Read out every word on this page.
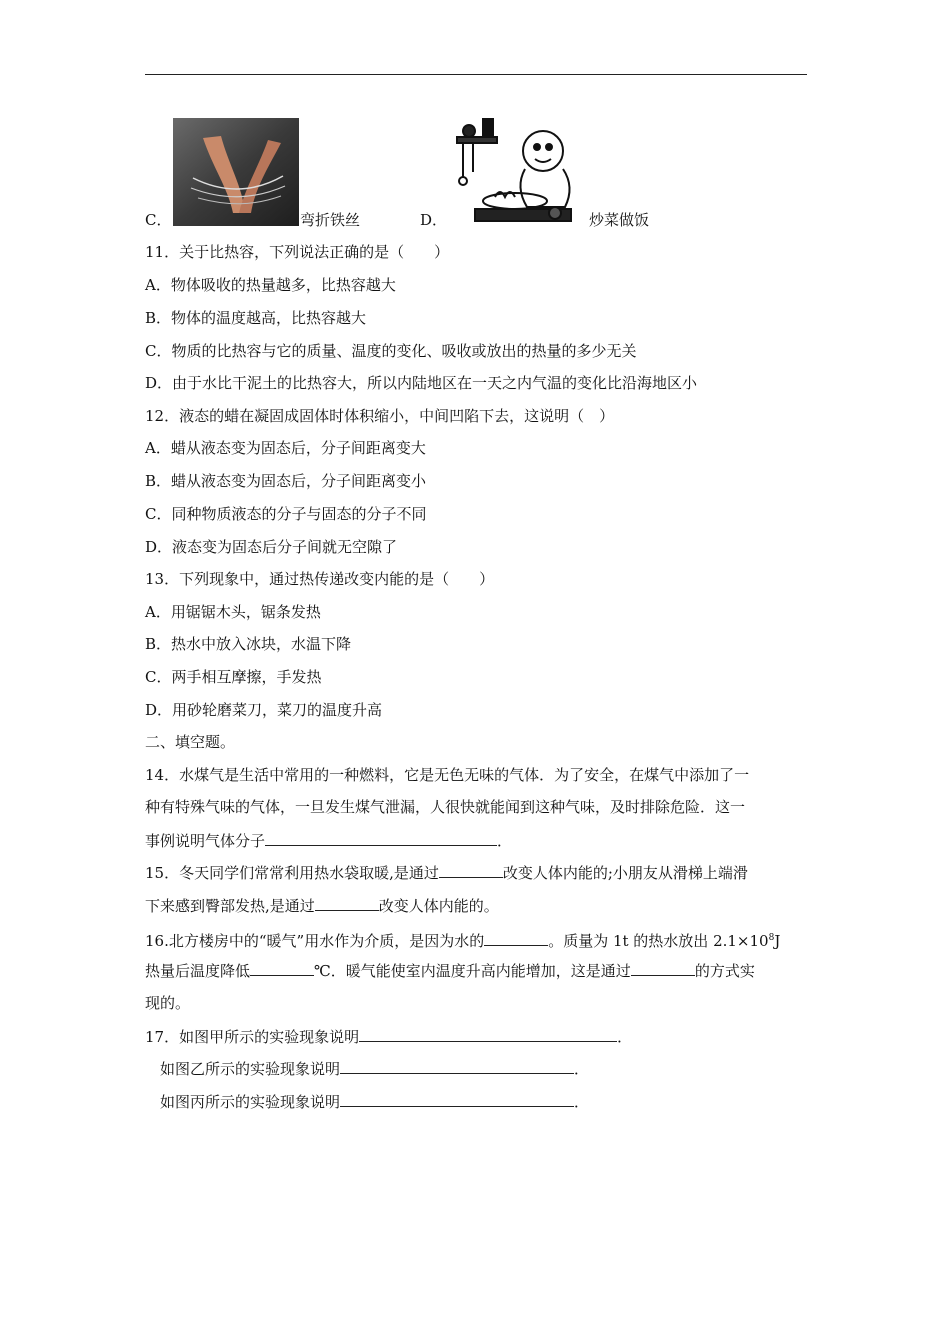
C．	弯折铁丝	D．	炒菜做饭
11．关于比热容，下列说法正确的是（　　）
A．物体吸收的热量越多，比热容越大
B．物体的温度越高，比热容越大
C．物质的比热容与它的质量、温度的变化、吸收或放出的热量的多少无关
D．由于水比干泥土的比热容大，所以内陆地区在一天之内气温的变化比沿海地区小
12．液态的蜡在凝固成固体时体积缩小，中间凹陷下去，这说明（　）
A．蜡从液态变为固态后，分子间距离变大
B．蜡从液态变为固态后，分子间距离变小
C．同种物质液态的分子与固态的分子不同
D．液态变为固态后分子间就无空隙了
13．下列现象中，通过热传递改变内能的是（　　）
A．用锯锯木头，锯条发热
B．热水中放入冰块，水温下降
C．两手相互摩擦，手发热
D．用砂轮磨菜刀，菜刀的温度升高
二、填空题。
14．水煤气是生活中常用的一种燃料，它是无色无味的气体．为了安全，在煤气中添加了一
种有特殊气味的气体，一旦发生煤气泄漏，人很快就能闻到这种气味，及时排除危险．这一
事例说明气体分子	．
15．冬天同学们常常利用热水袋取暖,是通过	改变人体内能的;小朋友从滑梯上端滑
下来感到臀部发热,是通过	改变人体内能的。
16.北方楼房中的“暖气”用水作为介质，是因为水的	。质量为 1t 的热水放出 $2.1\times 10^8J$
热量后温度降低	℃．暖气能使室内温度升高内能增加，这是通过	的方式实
现的。
17．如图甲所示的实验现象说明	．
如图乙所示的实验现象说明	．
如图丙所示的实验现象说明	．
